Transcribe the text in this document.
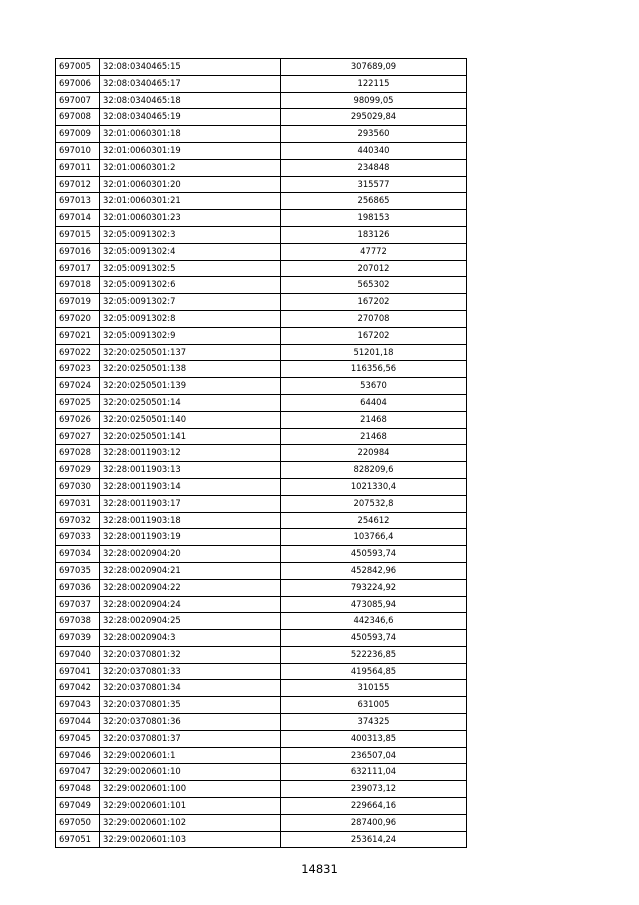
697005	32:08:0340465:15	307689,09
697006	32:08:0340465:17	122115
697007	32:08:0340465:18	98099,05
697008	32:08:0340465:19	295029,84
697009	32:01:0060301:18	293560
697010	32:01:0060301:19	440340
697011	32:01:0060301:2	234848
697012	32:01:0060301:20	315577
697013	32:01:0060301:21	256865
697014	32:01:0060301:23	198153
697015	32:05:0091302:3	183126
697016	32:05:0091302:4	47772
697017	32:05:0091302:5	207012
697018	32:05:0091302:6	565302
697019	32:05:0091302:7	167202
697020	32:05:0091302:8	270708
697021	32:05:0091302:9	167202
697022	32:20:0250501:137	51201,18
697023	32:20:0250501:138	116356,56
697024	32:20:0250501:139	53670
697025	32:20:0250501:14	64404
697026	32:20:0250501:140	21468
697027	32:20:0250501:141	21468
697028	32:28:0011903:12	220984
697029	32:28:0011903:13	828209,6
697030	32:28:0011903:14	1021330,4
697031	32:28:0011903:17	207532,8
697032	32:28:0011903:18	254612
697033	32:28:0011903:19	103766,4
697034	32:28:0020904:20	450593,74
697035	32:28:0020904:21	452842,96
697036	32:28:0020904:22	793224,92
697037	32:28:0020904:24	473085,94
697038	32:28:0020904:25	442346,6
697039	32:28:0020904:3	450593,74
697040	32:20:0370801:32	522236,85
697041	32:20:0370801:33	419564,85
697042	32:20:0370801:34	310155
697043	32:20:0370801:35	631005
697044	32:20:0370801:36	374325
697045	32:20:0370801:37	400313,85
697046	32:29:0020601:1	236507,04
697047	32:29:0020601:10	632111,04
697048	32:29:0020601:100	239073,12
697049	32:29:0020601:101	229664,16
697050	32:29:0020601:102	287400,96
697051	32:29:0020601:103	253614,24
14831
